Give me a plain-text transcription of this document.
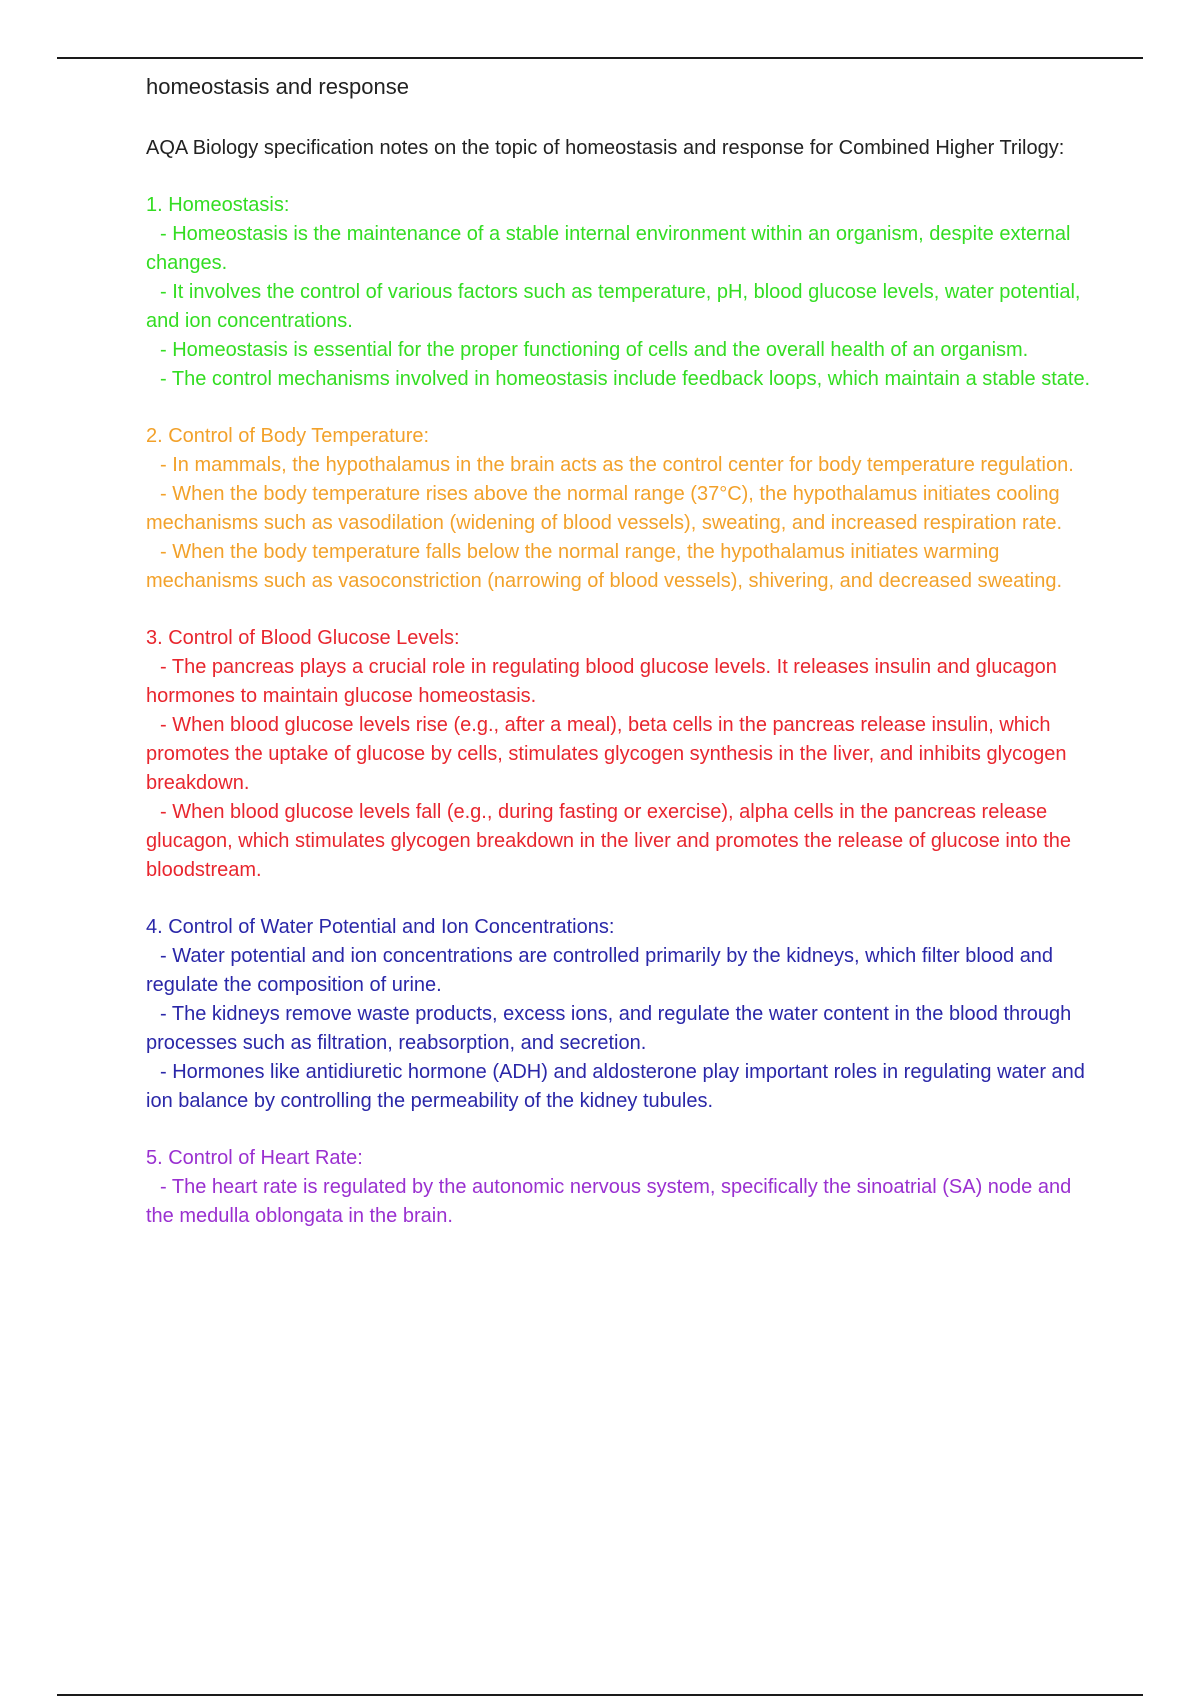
homeostasis and response

AQA Biology specification notes on the topic of homeostasis and response for Combined Higher Trilogy:

1. Homeostasis:

- Homeostasis is the maintenance of a stable internal environment within an organism, despite external changes.

- It involves the control of various factors such as temperature, pH, blood glucose levels, water potential, and ion concentrations.

- Homeostasis is essential for the proper functioning of cells and the overall health of an organism.

- The control mechanisms involved in homeostasis include feedback loops, which maintain a stable state.

2. Control of Body Temperature:

- In mammals, the hypothalamus in the brain acts as the control center for body temperature regulation.

- When the body temperature rises above the normal range (37°C), the hypothalamus initiates cooling mechanisms such as vasodilation (widening of blood vessels), sweating, and increased respiration rate.

- When the body temperature falls below the normal range, the hypothalamus initiates warming mechanisms such as vasoconstriction (narrowing of blood vessels), shivering, and decreased sweating.

3. Control of Blood Glucose Levels:

- The pancreas plays a crucial role in regulating blood glucose levels. It releases insulin and glucagon hormones to maintain glucose homeostasis.

- When blood glucose levels rise (e.g., after a meal), beta cells in the pancreas release insulin, which promotes the uptake of glucose by cells, stimulates glycogen synthesis in the liver, and inhibits glycogen breakdown.

- When blood glucose levels fall (e.g., during fasting or exercise), alpha cells in the pancreas release glucagon, which stimulates glycogen breakdown in the liver and promotes the release of glucose into the bloodstream.

4. Control of Water Potential and Ion Concentrations:

- Water potential and ion concentrations are controlled primarily by the kidneys, which filter blood and regulate the composition of urine.

- The kidneys remove waste products, excess ions, and regulate the water content in the blood through processes such as filtration, reabsorption, and secretion.

- Hormones like antidiuretic hormone (ADH) and aldosterone play important roles in regulating water and ion balance by controlling the permeability of the kidney tubules.

5. Control of Heart Rate:

- The heart rate is regulated by the autonomic nervous system, specifically the sinoatrial (SA) node and the medulla oblongata in the brain.
